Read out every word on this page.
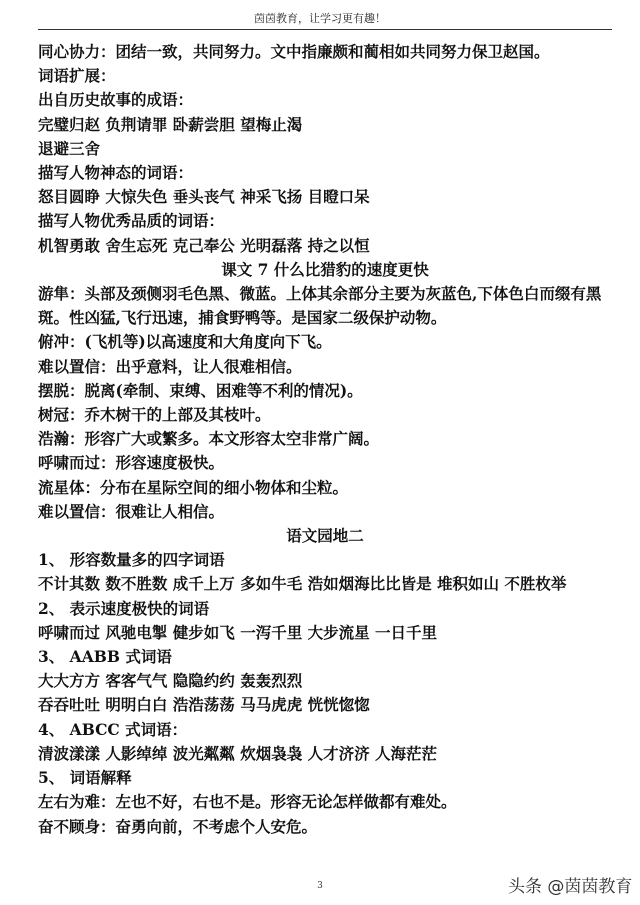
茵茵教育，让学习更有趣！
同心协力：团结一致，共同努力。文中指廉颇和蔺相如共同努力保卫赵国。
词语扩展：
出自历史故事的成语：
完璧归赵 负荆请罪 卧薪尝胆 望梅止渴
退避三舍
描写人物神态的词语：
怒目圆睁 大惊失色 垂头丧气 神采飞扬 目瞪口呆
描写人物优秀品质的词语：
机智勇敢 舍生忘死 克己奉公 光明磊落 持之以恒
课文 7 什么比猎豹的速度更快
游隼：头部及颈侧羽毛色黑、微蓝。上体其余部分主要为灰蓝色,下体色白而缀有黑斑。性凶猛,飞行迅速，捕食野鸭等。是国家二级保护动物。
俯冲：(飞机等)以高速度和大角度向下飞。
难以置信：出乎意料，让人很难相信。
摆脱：脱离(牵制、束缚、困难等不利的情况)。
树冠：乔木树干的上部及其枝叶。
浩瀚：形容广大或繁多。本文形容太空非常广阔。
呼啸而过：形容速度极快。
流星体：分布在星际空间的细小物体和尘粒。
难以置信：很难让人相信。
语文园地二
1、 形容数量多的四字词语
不计其数 数不胜数 成千上万 多如牛毛 浩如烟海比比皆是 堆积如山 不胜枚举
2、 表示速度极快的词语
呼啸而过 风驰电掣 健步如飞 一泻千里 大步流星 一日千里
3、 AABB 式词语
大大方方 客客气气 隐隐约约 轰轰烈烈
吞吞吐吐 明明白白 浩浩荡荡 马马虎虎 恍恍惚惚
4、 ABCC 式词语：
清波漾漾 人影绰绰 波光粼粼 炊烟袅袅 人才济济 人海茫茫
5、 词语解释
左右为难：左也不好，右也不是。形容无论怎样做都有难处。
奋不顾身：奋勇向前，不考虑个人安危。
3	头条 @茵茵教育
